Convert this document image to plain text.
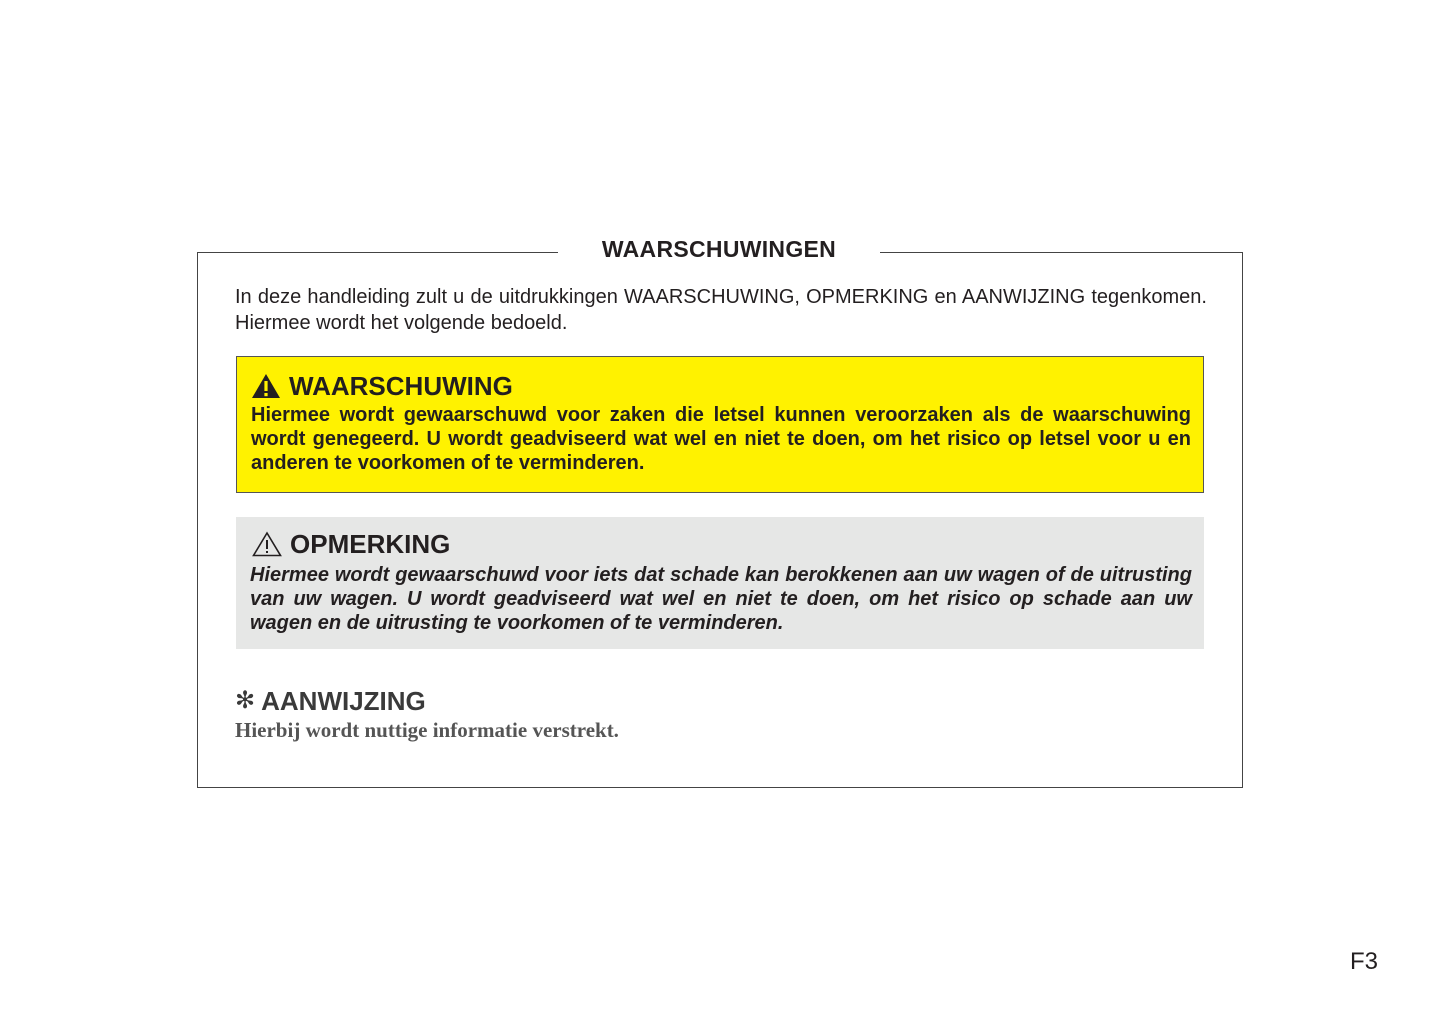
WAARSCHUWINGEN
In deze handleiding zult u de uitdrukkingen WAARSCHUWING, OPMERKING en AANWIJZING tegenkomen. Hiermee wordt het volgende bedoeld.
WAARSCHUWING
Hiermee wordt gewaarschuwd voor zaken die letsel kunnen veroorzaken als de waarschuwing wordt genegeerd. U wordt geadviseerd wat wel en niet te doen, om het risico op letsel voor u en anderen te voorkomen of te verminderen.
OPMERKING
Hiermee wordt gewaarschuwd voor iets dat schade kan berokkenen aan uw wagen of de uitrusting van uw wagen. U wordt geadviseerd wat wel en niet te doen, om het risico op schade aan uw wagen en de uitrusting te voorkomen of te verminderen.
✻ AANWIJZING
Hierbij wordt nuttige informatie verstrekt.
F3
